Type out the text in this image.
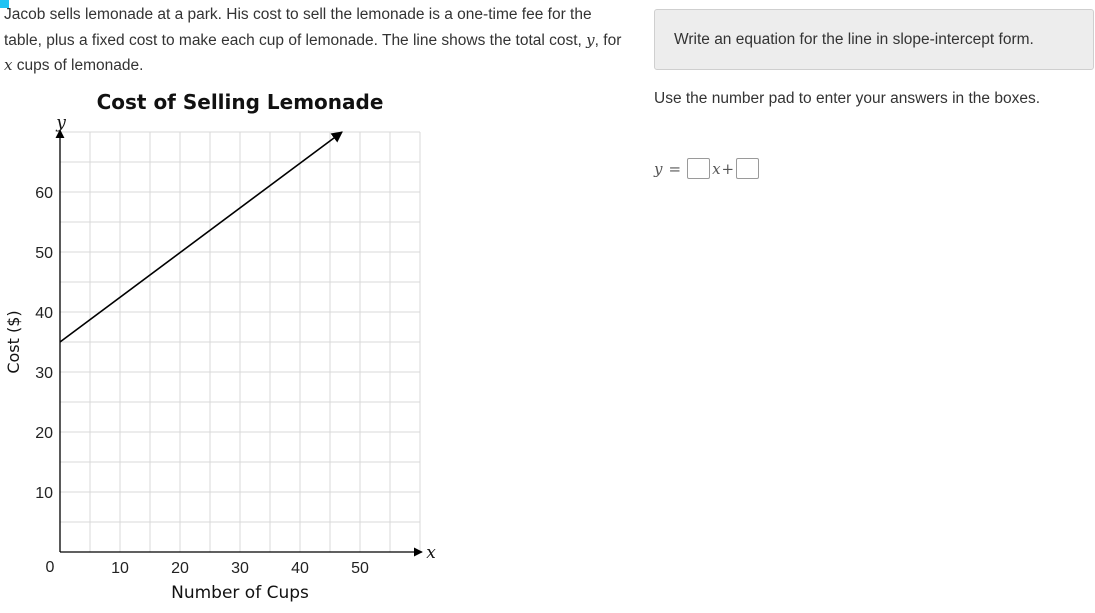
Jacob sells lemonade at a park. His cost to sell the lemonade is a one-time fee for the table, plus a fixed cost to make each cup of lemonade. The line shows the total cost, y, for x cups of lemonade.
Cost of Selling Lemonade
10	20	30	40	50
10
20
30
40
50
60
Number of Cups
Cost ($)
y
x
0
Write an equation for the line in slope-intercept form.
Use the number pad to enter your answers in the boxes.
y = x +
